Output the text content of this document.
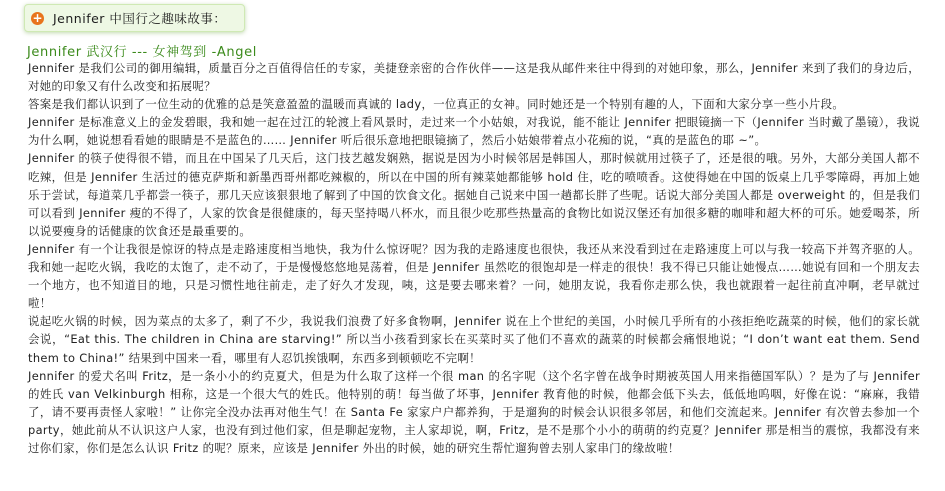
+ Jennifer 中国行之趣味故事：
Jennifer 武汉行 --- 女神驾到 -Angel

Jennifer 是我们公司的御用编辑，质量百分之百值得信任的专家，美捷登亲密的合作伙伴——这是我从邮件来往中得到的对她印象，那么，Jennifer 来到了我们的身边后，对她的印象又有什么改变和拓展呢？

答案是我们都认识到了一位生动的优雅的总是笑意盈盈的温暖而真诚的 lady，一位真正的女神。同时她还是一个特别有趣的人，下面和大家分享一些小片段。

Jennifer 是标准意义上的金发碧眼，我和她一起在过江的轮渡上看风景时，走过来一个小姑娘，对我说，能不能让 Jennifer 把眼镜摘一下（Jennifer 当时戴了墨镜），我说为什么啊，她说想看看她的眼睛是不是蓝色的…… Jennifer 听后很乐意地把眼镜摘了，然后小姑娘带着点小花痴的说，“真的是蓝色的耶 ~”。

Jennifer 的筷子使得很不错，而且在中国呆了几天后，这门技艺越发娴熟，据说是因为小时候邻居是韩国人，那时候就用过筷子了，还是很的哦。另外，大部分美国人都不吃辣，但是 Jennifer 生活过的德克萨斯和新墨西哥州都吃辣椒的，所以在中国的所有辣菜她都能够 hold 住，吃的喷喷香。这使得她在中国的饭桌上几乎零障碍，再加上她乐于尝试，每道菜几乎都尝一筷子，那几天应该狠狠地了解到了中国的饮食文化。据她自己说来中国一趟都长胖了些呢。话说大部分美国人都是 overweight 的，但是我们可以看到 Jennifer 瘦的不得了，人家的饮食是很健康的，每天坚持喝八杯水，而且很少吃那些热量高的食物比如说汉堡还有加很多糖的咖啡和超大杯的可乐。她爱喝茶，所以说要瘦身的话健康的饮食还是最重要的。

Jennifer 有一个让我很是惊讶的特点是走路速度相当地快，我为什么惊讶呢？因为我的走路速度也很快，我还从来没看到过在走路速度上可以与我一较高下并驾齐驱的人。我和她一起吃火锅，我吃的太饱了，走不动了，于是慢慢悠悠地晃荡着，但是 Jennifer 虽然吃的很饱却是一样走的很快！我不得已只能让她慢点……她说有回和一个朋友去一个地方，也不知道目的地，只是习惯性地往前走，走了好久才发现，咦，这是要去哪来着？一问，她朋友说，我看你走那么快，我也就跟着一起往前直冲啊，老早就过啦！

说起吃火锅的时候，因为菜点的太多了，剩了不少，我说我们浪费了好多食物啊，Jennifer 说在上个世纪的美国，小时候几乎所有的小孩拒绝吃蔬菜的时候，他们的家长就会说，“Eat this. The children in China are starving!” 所以当小孩看到家长在买菜时买了他们不喜欢的蔬菜的时候都会痛恨地说；“I don’t want eat them. Send them to China!” 结果到中国来一看，哪里有人忍饥挨饿啊，东西多到顿顿吃不完啊！

Jennifer 的爱犬名叫 Fritz，是一条小小的约克夏犬，但是为什么取了这样一个很 man 的名字呢（这个名字曾在战争时期被英国人用来指德国军队）？是为了与 Jennifer 的姓氏 van Velkinburgh 相称，这是一个很大气的姓氏。他特别的萌！每当做了坏事，Jennifer 教育他的时候，他都会低下头去，低低地呜咽，好像在说：“麻麻，我错了，请不要再责怪人家啦！” 让你完全没办法再对他生气！在 Santa Fe 家家户户都养狗，于是遛狗的时候会认识很多邻居，和他们交流起来。Jennifer 有次曾去参加一个 party，她此前从不认识这户人家，也没有到过他们家，但是聊起宠物，主人家却说，啊，Fritz，是不是那个小小的萌萌的约克夏？Jennifer 那是相当的震惊，我都没有来过你们家，你们是怎么认识 Fritz 的呢？原来，应该是 Jennifer 外出的时候，她的研究生帮忙遛狗曾去别人家串门的缘故啦！
